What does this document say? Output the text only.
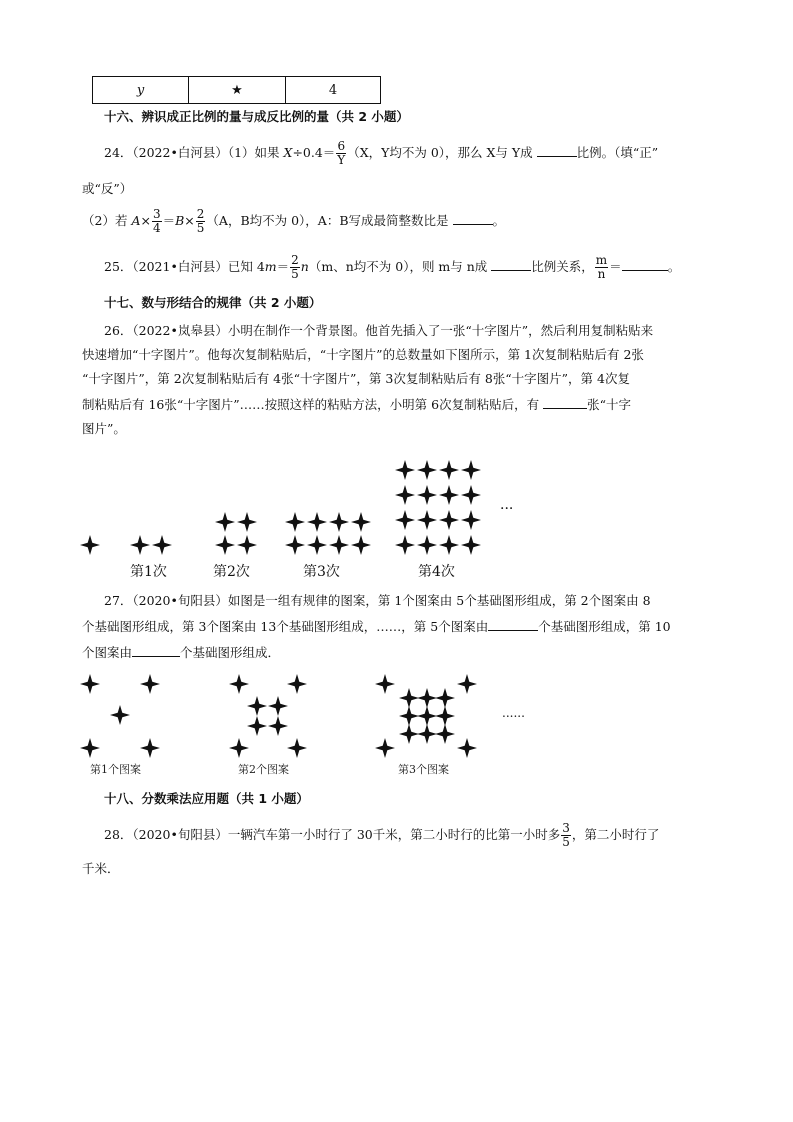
y	★	4
十六、辨识成正比例的量与成反比例的量（共 2 小题）
24．（2022•白河县）（1）如果 $X\div 0.4= \frac{6}{Y} (X$，Y均不为 0），那么 X与 Y成	比例。（填“正”
或“反”）
（2）若 $A\times \frac{3}{4} =B\times \frac{2}{5} (A$，B均不为 0），A：B写成最简整数比是	。
25．（2021•白河县）已知 $4m= \frac{2}{5} n(m$、n均不为 0），则 m与 n成	比例关系， $\frac{m}{n}$ ＝	。
十七、数与形结合的规律（共 2 小题）
26．（2022•岚皋县）小明在制作一个背景图。他首先插入了一张“十字图片”，然后利用复制粘贴来
快速增加“十字图片”。他每次复制粘贴后，“十字图片”的总数量如下图所示，第 1次复制粘贴后有 2张
“十字图片”，第 2次复制粘贴后有 4张“十字图片”，第 3次复制粘贴后有 8张“十字图片”，第 4次复
制粘贴后有 16张“十字图片”……按照这样的粘贴方法，小明第 6次复制粘贴后，有	张“十字
图片”。
···
第1次	第2次	第3次	第4次
27．（2020•旬阳县）如图是一组有规律的图案，第 1个图案由 5个基础图形组成，第 2个图案由 8
个基础图形组成，第 3个图案由 13个基础图形组成，……，第 5个图案由	个基础图形组成，第 10
个图案由	个基础图形组成．
......
第1个图案	第2个图案	第3个图案
十八、分数乘法应用题（共 1 小题）
28．（2020•旬阳县）一辆汽车第一小时行了 30千米，第二小时行的比第一小时多 $\frac{3}{5}$ ，第二小时行了
千米．
